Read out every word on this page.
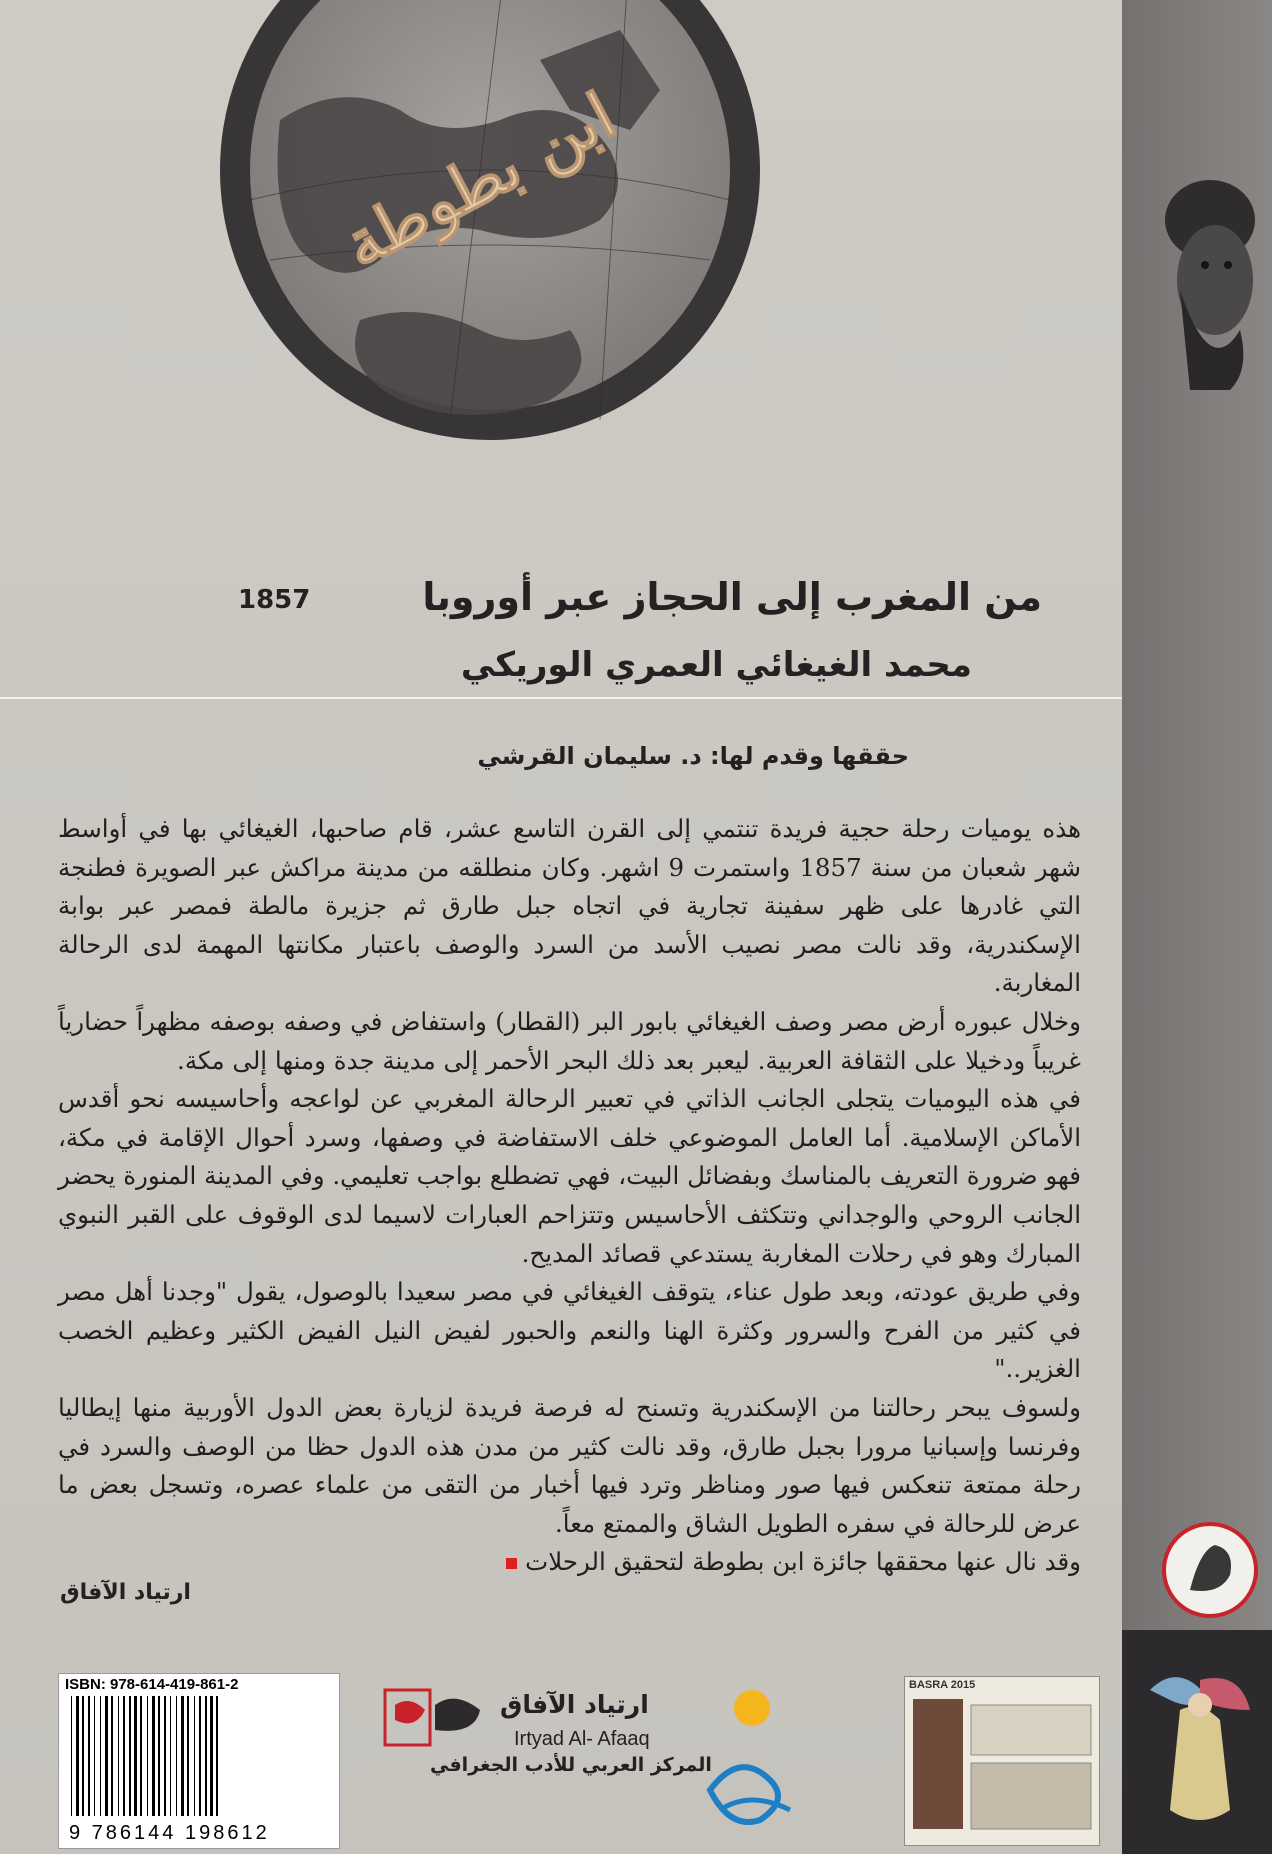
ابن بطوطة
من المغرب إلى الحجاز عبر أوروبا
1857
محمد الغيغائي العمري الوريكي
حققها وقدم لها: د. سليمان القرشي

هذه يوميات رحلة حجية فريدة تنتمي إلى القرن التاسع عشر، قام صاحبها، الغيغائي بها في أواسط شهر شعبان من سنة 1857 واستمرت 9 اشهر. وكان منطلقه من مدينة مراكش عبر الصويرة فطنجة التي غادرها على ظهر سفينة تجارية في اتجاه جبل طارق ثم جزيرة مالطة فمصر عبر بوابة الإسكندرية، وقد نالت مصر نصيب الأسد من السرد والوصف باعتبار مكانتها المهمة لدى الرحالة المغاربة.

وخلال عبوره أرض مصر وصف الغيغائي بابور البر (القطار) واستفاض في وصفه بوصفه مظهراً حضارياً غريباً ودخيلا على الثقافة العربية. ليعبر بعد ذلك البحر الأحمر إلى مدينة جدة ومنها إلى مكة.

في هذه اليوميات يتجلى الجانب الذاتي في تعبير الرحالة المغربي عن لواعجه وأحاسيسه نحو أقدس الأماكن الإسلامية. أما العامل الموضوعي خلف الاستفاضة في وصفها، وسرد أحوال الإقامة في مكة، فهو ضرورة التعريف بالمناسك وبفضائل البيت، فهي تضطلع بواجب تعليمي. وفي المدينة المنورة يحضر الجانب الروحي والوجداني وتتكثف الأحاسيس وتتزاحم العبارات لاسيما لدى الوقوف على القبر النبوي المبارك وهو في رحلات المغاربة يستدعي قصائد المديح.

وفي طريق عودته، وبعد طول عناء، يتوقف الغيغائي في مصر سعيدا بالوصول، يقول "وجدنا أهل مصر في كثير من الفرح والسرور وكثرة الهنا والنعم والحبور لفيض النيل الفيض الكثير وعظيم الخصب الغزير.."

ولسوف يبحر رحالتنا من الإسكندرية وتسنح له فرصة فريدة لزيارة بعض الدول الأوربية منها إيطاليا وفرنسا وإسبانيا مرورا بجبل طارق، وقد نالت كثير من مدن هذه الدول حظا من الوصف والسرد في رحلة ممتعة تنعكس فيها صور ومناظر وترد فيها أخبار من التقى من علماء عصره، وتسجل بعض ما عرض للرحالة في سفره الطويل الشاق والممتع معاً.

وقد نال عنها محققها جائزة ابن بطوطة لتحقيق الرحلات

ارتياد الآفاق
ISBN: 978-614-419-861-2
9 786144 198612
ارتياد الآفاق
Irtyad Al- Afaaq
المركز العربي للأدب الجغرافي
BASRA 2015
